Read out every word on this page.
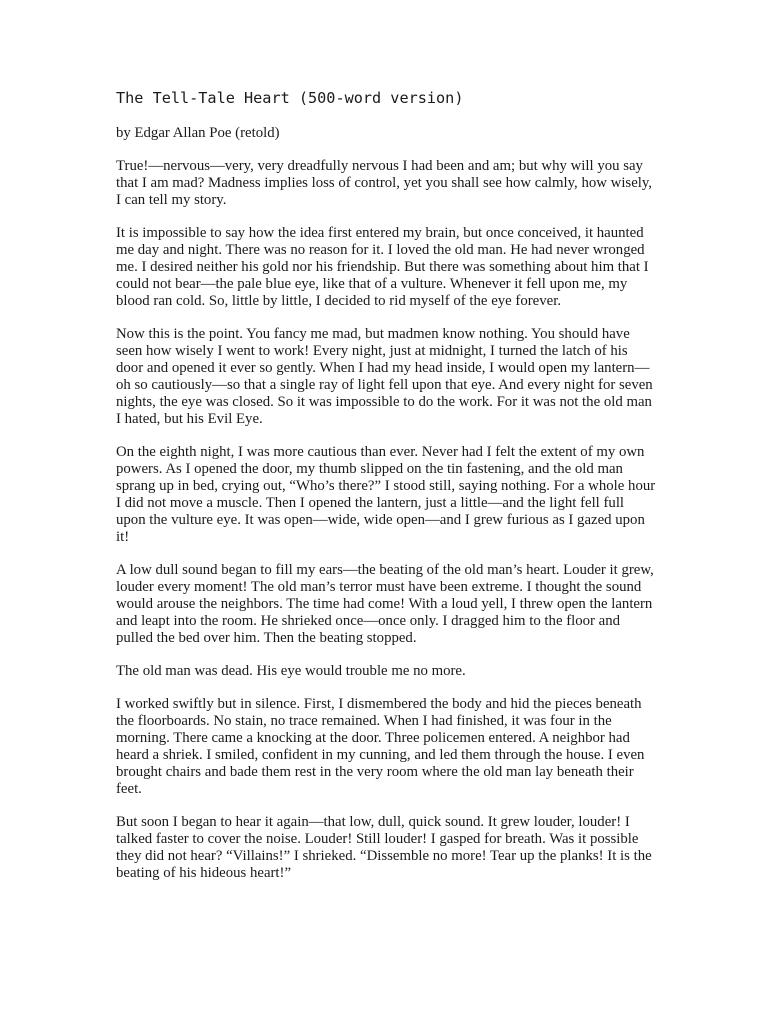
The Tell-Tale Heart (500-word version)

by Edgar Allan Poe (retold)

True!—nervous—very, very dreadfully nervous I had been and am; but why will you say that I am mad? Madness implies loss of control, yet you shall see how calmly, how wisely, I can tell my story.

It is impossible to say how the idea first entered my brain, but once conceived, it haunted me day and night. There was no reason for it. I loved the old man. He had never wronged me. I desired neither his gold nor his friendship. But there was something about him that I could not bear—the pale blue eye, like that of a vulture. Whenever it fell upon me, my blood ran cold. So, little by little, I decided to rid myself of the eye forever.

Now this is the point. You fancy me mad, but madmen know nothing. You should have seen how wisely I went to work! Every night, just at midnight, I turned the latch of his door and opened it ever so gently. When I had my head inside, I would open my lantern—oh so cautiously—so that a single ray of light fell upon that eye. And every night for seven nights, the eye was closed. So it was impossible to do the work. For it was not the old man I hated, but his Evil Eye.

On the eighth night, I was more cautious than ever. Never had I felt the extent of my own powers. As I opened the door, my thumb slipped on the tin fastening, and the old man sprang up in bed, crying out, “Who’s there?” I stood still, saying nothing. For a whole hour I did not move a muscle. Then I opened the lantern, just a little—and the light fell full upon the vulture eye. It was open—wide, wide open—and I grew furious as I gazed upon it!

A low dull sound began to fill my ears—the beating of the old man’s heart. Louder it grew, louder every moment! The old man’s terror must have been extreme. I thought the sound would arouse the neighbors. The time had come! With a loud yell, I threw open the lantern and leapt into the room. He shrieked once—once only. I dragged him to the floor and pulled the bed over him. Then the beating stopped.

The old man was dead. His eye would trouble me no more.

I worked swiftly but in silence. First, I dismembered the body and hid the pieces beneath the floorboards. No stain, no trace remained. When I had finished, it was four in the morning. There came a knocking at the door. Three policemen entered. A neighbor had heard a shriek. I smiled, confident in my cunning, and led them through the house. I even brought chairs and bade them rest in the very room where the old man lay beneath their feet.

But soon I began to hear it again—that low, dull, quick sound. It grew louder, louder! I talked faster to cover the noise. Louder! Still louder! I gasped for breath. Was it possible they did not hear? “Villains!” I shrieked. “Dissemble no more! Tear up the planks! It is the beating of his hideous heart!”
